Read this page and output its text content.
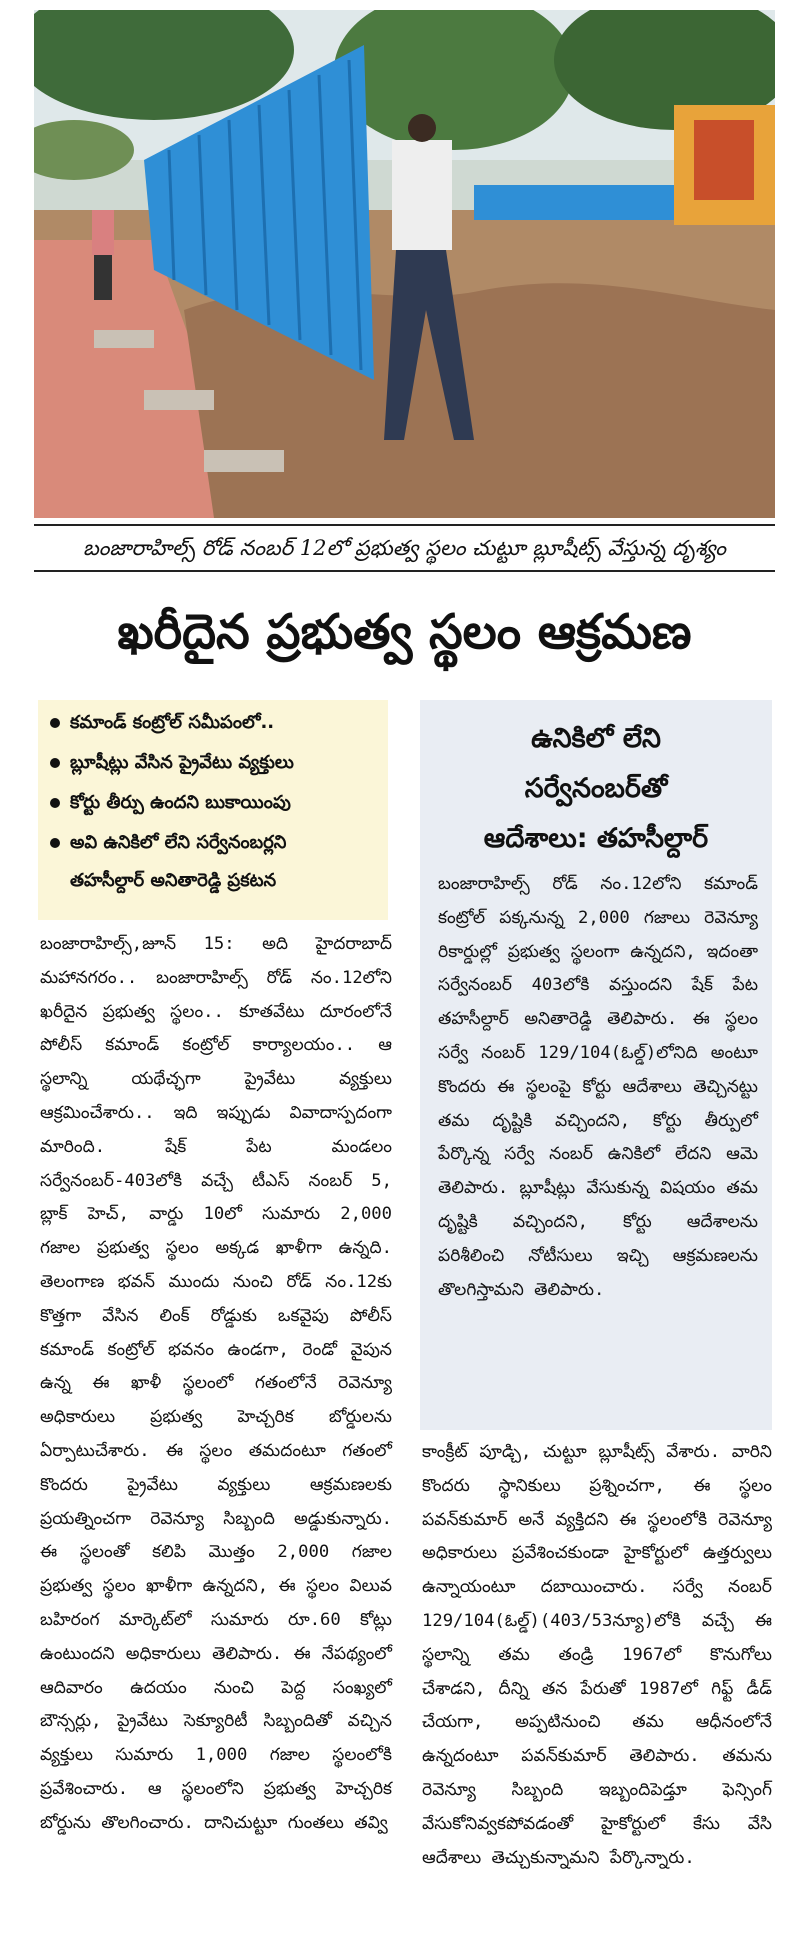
బంజారాహిల్స్ రోడ్ నంబర్ 12లో ప్రభుత్వ స్థలం చుట్టూ బ్లూషీట్స్ వేస్తున్న దృశ్యం
ఖరీదైన ప్రభుత్వ స్థలం ఆక్రమణ
కమాండ్ కంట్రోల్ సమీపంలో..
బ్లూషీట్లు వేసిన ప్రైవేటు వ్యక్తులు
కోర్టు తీర్పు ఉందని బుకాయింపు
అవి ఉనికిలో లేని సర్వేనంబర్లని
తహసీల్దార్ అనితారెడ్డి ప్రకటన
ఉనికిలో లేని
సర్వేనంబర్‌తో
ఆదేశాలు: తహసీల్దార్
బంజారాహిల్స్ రోడ్ నం.12లోని కమాండ్ కంట్రోల్ పక్కనున్న 2,000 గజాలు రెవెన్యూ రికార్డుల్లో ప్రభుత్వ స్థలంగా ఉన్నదని, ఇదంతా సర్వేనంబర్ 403లోకి వస్తుందని షేక్ పేట తహసీల్దార్ అనితారెడ్డి తెలిపారు. ఈ స్థలం సర్వే నంబర్ 129/104(ఓల్డ్)లోనిది అంటూ కొందరు ఈ స్థలంపై కోర్టు ఆదేశాలు తెచ్చినట్టు తమ దృష్టికి వచ్చిందని, కోర్టు తీర్పులో పేర్కొన్న సర్వే నంబర్ ఉనికిలో లేదని ఆమె తెలిపారు. బ్లూషీట్లు వేసుకున్న విషయం తమ దృష్టికి వచ్చిందని, కోర్టు ఆదేశాలను పరిశీలించి నోటీసులు ఇచ్చి ఆక్రమణలను తొలగిస్తామని తెలిపారు.
బంజారాహిల్స్,జూన్ 15: అది హైదరాబాద్ మహానగరం.. బంజారాహిల్స్ రోడ్ నం.12లోని ఖరీదైన ప్రభుత్వ స్థలం.. కూతవేటు దూరంలోనే పోలీస్ కమాండ్ కంట్రోల్ కార్యాలయం.. ఆ స్థలాన్ని యథేచ్ఛగా ప్రైవేటు వ్యక్తులు ఆక్రమించేశారు.. ఇది ఇప్పుడు వివాదాస్పదంగా మారింది. షేక్ పేట మండలం సర్వేనంబర్-403లోకి వచ్చే టీఎస్ నంబర్ 5, బ్లాక్ హెచ్, వార్డు 10లో సుమారు 2,000 గజాల ప్రభుత్వ స్థలం అక్కడ ఖాళీగా ఉన్నది. తెలంగాణ భవన్ ముందు నుంచి రోడ్ నం.12కు కొత్తగా వేసిన లింక్ రోడ్డుకు ఒకవైపు పోలీస్ కమాండ్ కంట్రోల్ భవనం ఉండగా, రెండో వైపున ఉన్న ఈ ఖాళీ స్థలంలో గతంలోనే రెవెన్యూ అధికారులు ప్రభుత్వ హెచ్చరిక బోర్డులను ఏర్పాటుచేశారు. ఈ స్థలం తమదంటూ గతంలో కొందరు ప్రైవేటు వ్యక్తులు ఆక్రమణలకు ప్రయత్నించగా రెవెన్యూ సిబ్బంది అడ్డుకున్నారు. ఈ స్థలంతో కలిపి మొత్తం 2,000 గజాల ప్రభుత్వ స్థలం ఖాళీగా ఉన్నదని, ఈ స్థలం విలువ బహిరంగ మార్కెట్‌లో సుమారు రూ.60 కోట్లు ఉంటుందని అధికారులు తెలిపారు. ఈ నేపథ్యంలో ఆదివారం ఉదయం నుంచి పెద్ద సంఖ్యలో బౌన్సర్లు, ప్రైవేటు సెక్యూరిటీ సిబ్బందితో వచ్చిన వ్యక్తులు సుమారు 1,000 గజాల స్థలంలోకి ప్రవేశించారు. ఆ స్థలంలోని ప్రభుత్వ హెచ్చరిక బోర్డును తొలగించారు. దానిచుట్టూ గుంతలు తవ్వి
కాంక్రీట్ పూడ్చి, చుట్టూ బ్లూషీట్స్ వేశారు. వారిని కొందరు స్థానికులు ప్రశ్నించగా, ఈ స్థలం పవన్‌కుమార్ అనే వ్యక్తిదని ఈ స్థలంలోకి రెవెన్యూ అధికారులు ప్రవేశించకుండా హైకోర్టులో ఉత్తర్వులు ఉన్నాయంటూ దబాయించారు. సర్వే నంబర్ 129/104(ఓల్డ్)(403/53న్యూ)లోకి వచ్చే ఈ స్థలాన్ని తమ తండ్రి 1967లో కొనుగోలు చేశాడని, దీన్ని తన పేరుతో 1987లో గిఫ్ట్ డీడ్ చేయగా, అప్పటినుంచి తమ ఆధీనంలోనే ఉన్నదంటూ పవన్‌కుమార్ తెలిపారు. తమను రెవెన్యూ సిబ్బంది ఇబ్బందిపెడ్తూ ఫెన్సింగ్ వేసుకోనివ్వకపోవడంతో హైకోర్టులో కేసు వేసి ఆదేశాలు తెచ్చుకున్నామని పేర్కొన్నారు.
